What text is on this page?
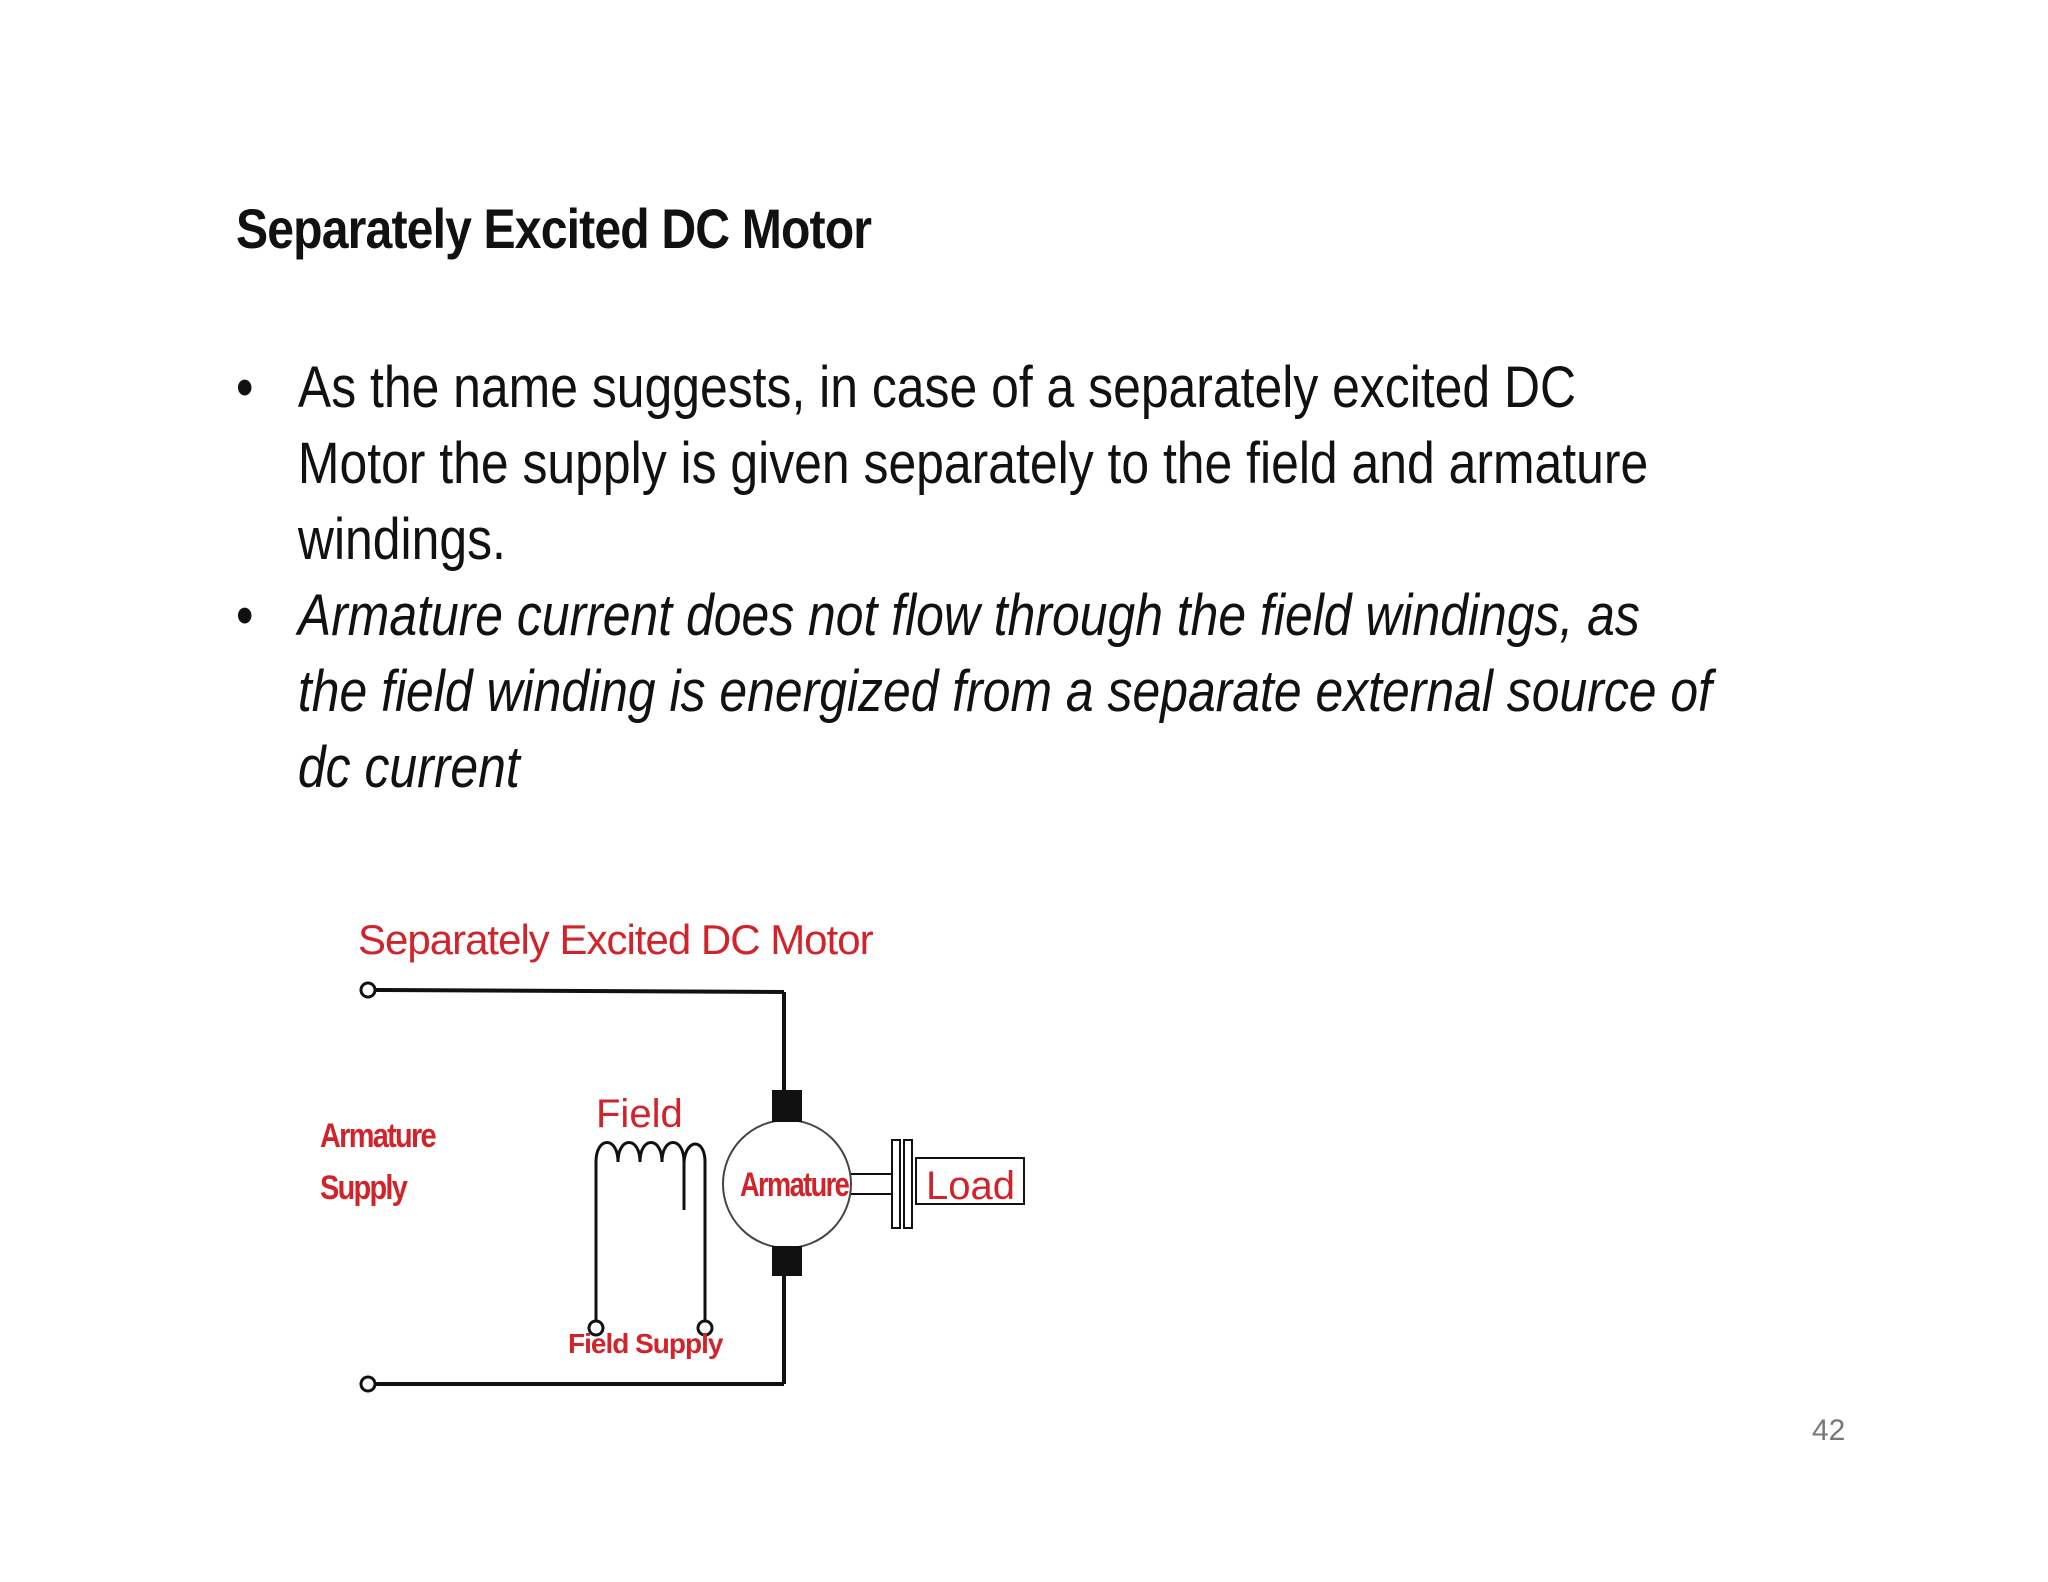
Separately Excited DC Motor
• As the name suggests, in case of a separately excited DC Motor the supply is given separately to the field and armature windings.
• Armature current does not flow through the field windings, as the field winding is energized from a separate external source of dc current
Separately Excited DC Motor
Armature Supply
Field
Armature Load
Field Supply
42
